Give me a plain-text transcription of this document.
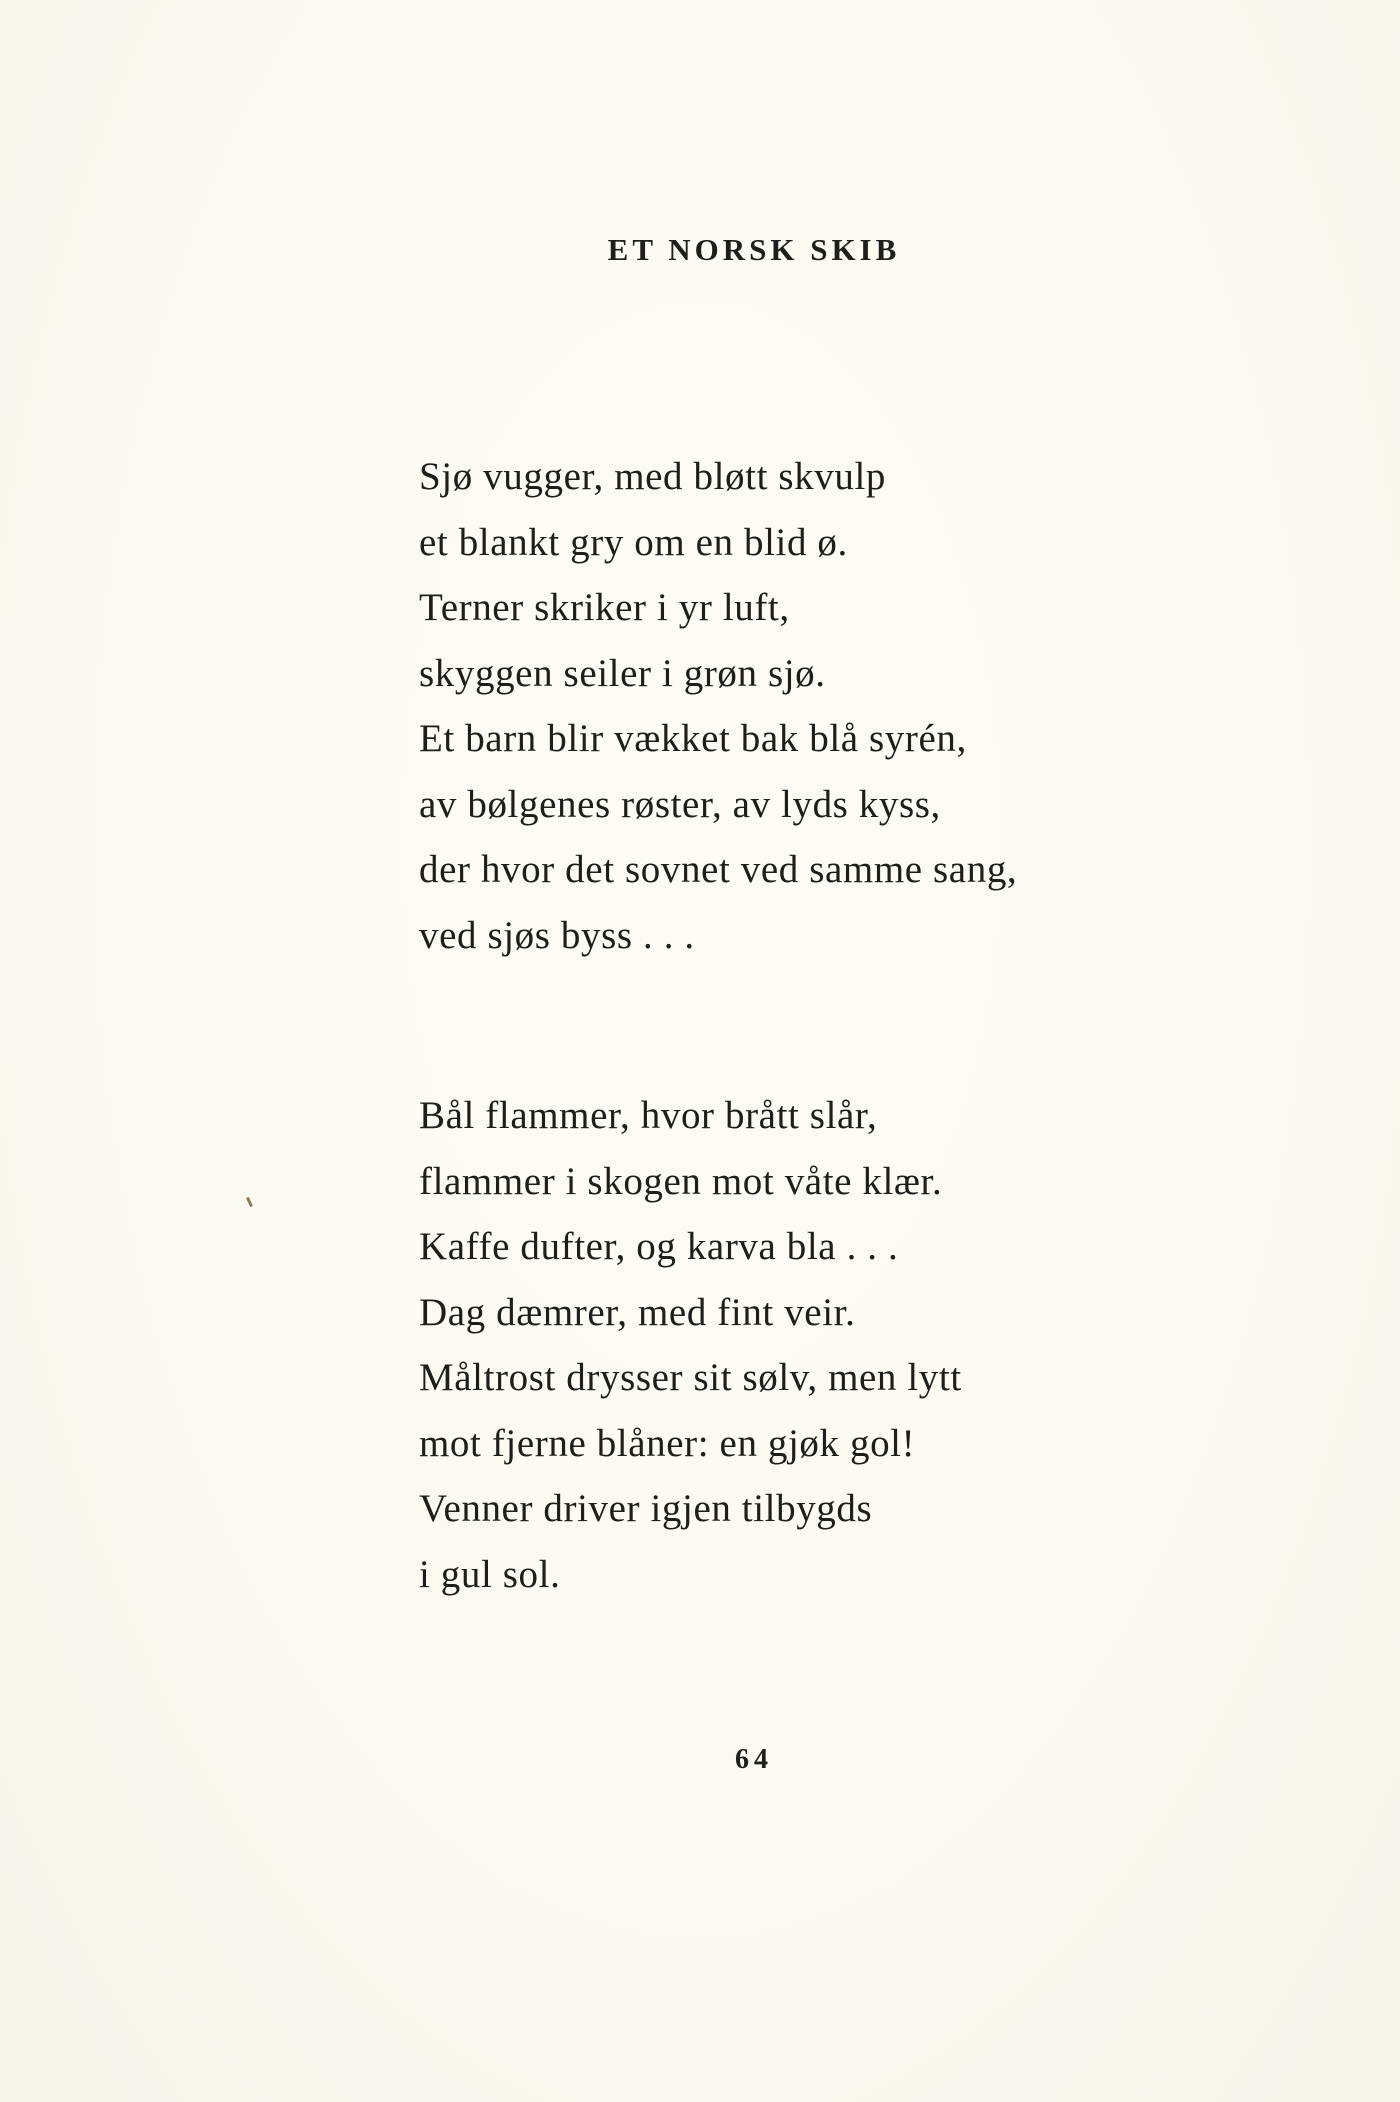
ET NORSK SKIB
Sjø vugger, med bløtt skvulp
et blankt gry om en blid ø.
Terner skriker i yr luft,
skyggen seiler i grøn sjø.
Et barn blir vækket bak blå syrén,
av bølgenes røster, av lyds kyss,
der hvor det sovnet ved samme sang,
ved sjøs byss . . .
Bål flammer, hvor brått slår,
flammer i skogen mot våte klær.
Kaffe dufter, og karva bla . . .
Dag dæmrer, med fint veir.
Måltrost drysser sit sølv, men lytt
mot fjerne blåner: en gjøk gol!
Venner driver igjen tilbygds
i gul sol.
64
